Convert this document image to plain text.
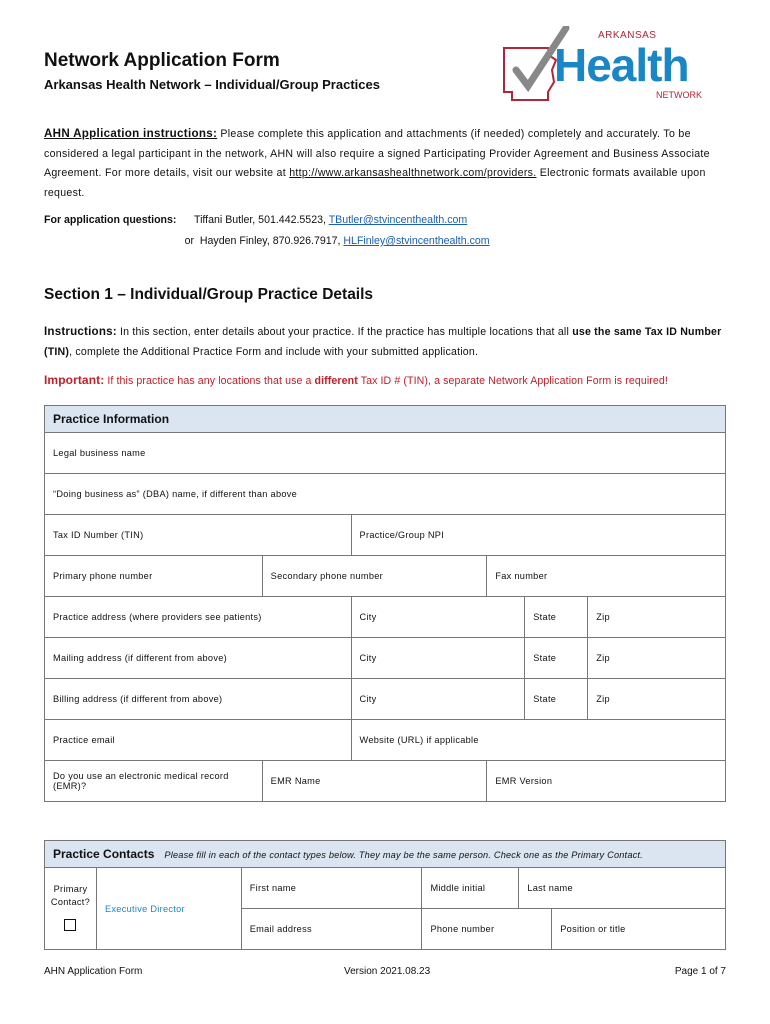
Network Application Form
Arkansas Health Network – Individual/Group Practices
ARKANSAS
Health
NETWORK
AHN Application instructions: Please complete this application and attachments (if needed) completely and accurately. To be considered a legal participant in the network, AHN will also require a signed Participating Provider Agreement and Business Associate Agreement. For more details, visit our website at http://www.arkansashealthnetwork.com/providers. Electronic formats available upon request.
For application questions: Tiffani Butler, 501.442.5523, TButler@stvincenthealth.com
or Hayden Finley, 870.926.7917, HLFinley@stvincenthealth.com
Section 1 – Individual/Group Practice Details
Instructions: In this section, enter details about your practice. If the practice has multiple locations that all use the same Tax ID Number (TIN), complete the Additional Practice Form and include with your submitted application.
Important: If this practice has any locations that use a different Tax ID # (TIN), a separate Network Application Form is required!
Practice Information					
Legal business name					
“Doing business as” (DBA) name, if different than above					
Tax ID Number (TIN)		Practice/Group NPI			
Primary phone number	Secondary phone number		Fax number		
Practice address (where providers see patients)		City		State	Zip
Mailing address (if different from above)		City		State	Zip
Billing address (if different from above)		City		State	Zip
Practice email		Website (URL) if applicable			
Do you use an electronic medical record (EMR)?	EMR Name		EMR Version		
Practice Contacts Please fill in each of the contact types below. They may be the same person. Check one as the Primary Contact.					

Primary Contact?	Executive Director	First name	Middle initial	Last name	
		Email address	Phone number		Position or title
AHN Application Form	Version 2021.08.23	Page 1 of 7
